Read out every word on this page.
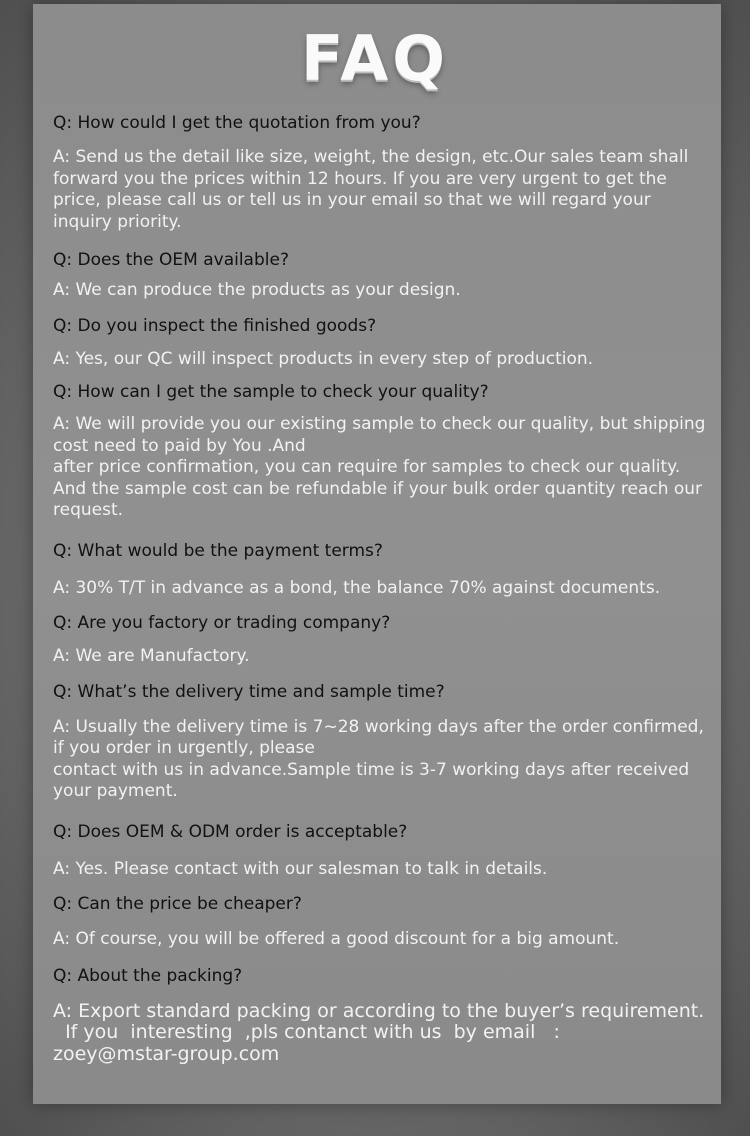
FAQ
Q: How could I get the quotation from you?
A: Send us the detail like size, weight, the design, etc.Our sales team shall
forward you the prices within 12 hours. If you are very urgent to get the
price, please call us or tell us in your email so that we will regard your
inquiry priority.
Q: Does the OEM available?
A: We can produce the products as your design.
Q: Do you inspect the finished goods?
A: Yes, our QC will inspect products in every step of production.
Q: How can I get the sample to check your quality?
A: We will provide you our existing sample to check our quality, but shipping
cost need to paid by You .And
after price confirmation, you can require for samples to check our quality.
And the sample cost can be refundable if your bulk order quantity reach our
request.
Q: What would be the payment terms?
A: 30% T/T in advance as a bond, the balance 70% against documents.
Q: Are you factory or trading company?
A: We are Manufactory.
Q: What’s the delivery time and sample time?
A: Usually the delivery time is 7~28 working days after the order confirmed,
if you order in urgently, please
contact with us in advance.Sample time is 3-7 working days after received
your payment.
Q: Does OEM & ODM order is acceptable?
A: Yes. Please contact with our salesman to talk in details.
Q: Can the price be cheaper?
A: Of course, you will be offered a good discount for a big amount.
Q: About the packing?
A: Export standard packing or according to the buyer’s requirement.
If you  interesting  ,pls contanct with us  by email   :
zoey@mstar-group.com
